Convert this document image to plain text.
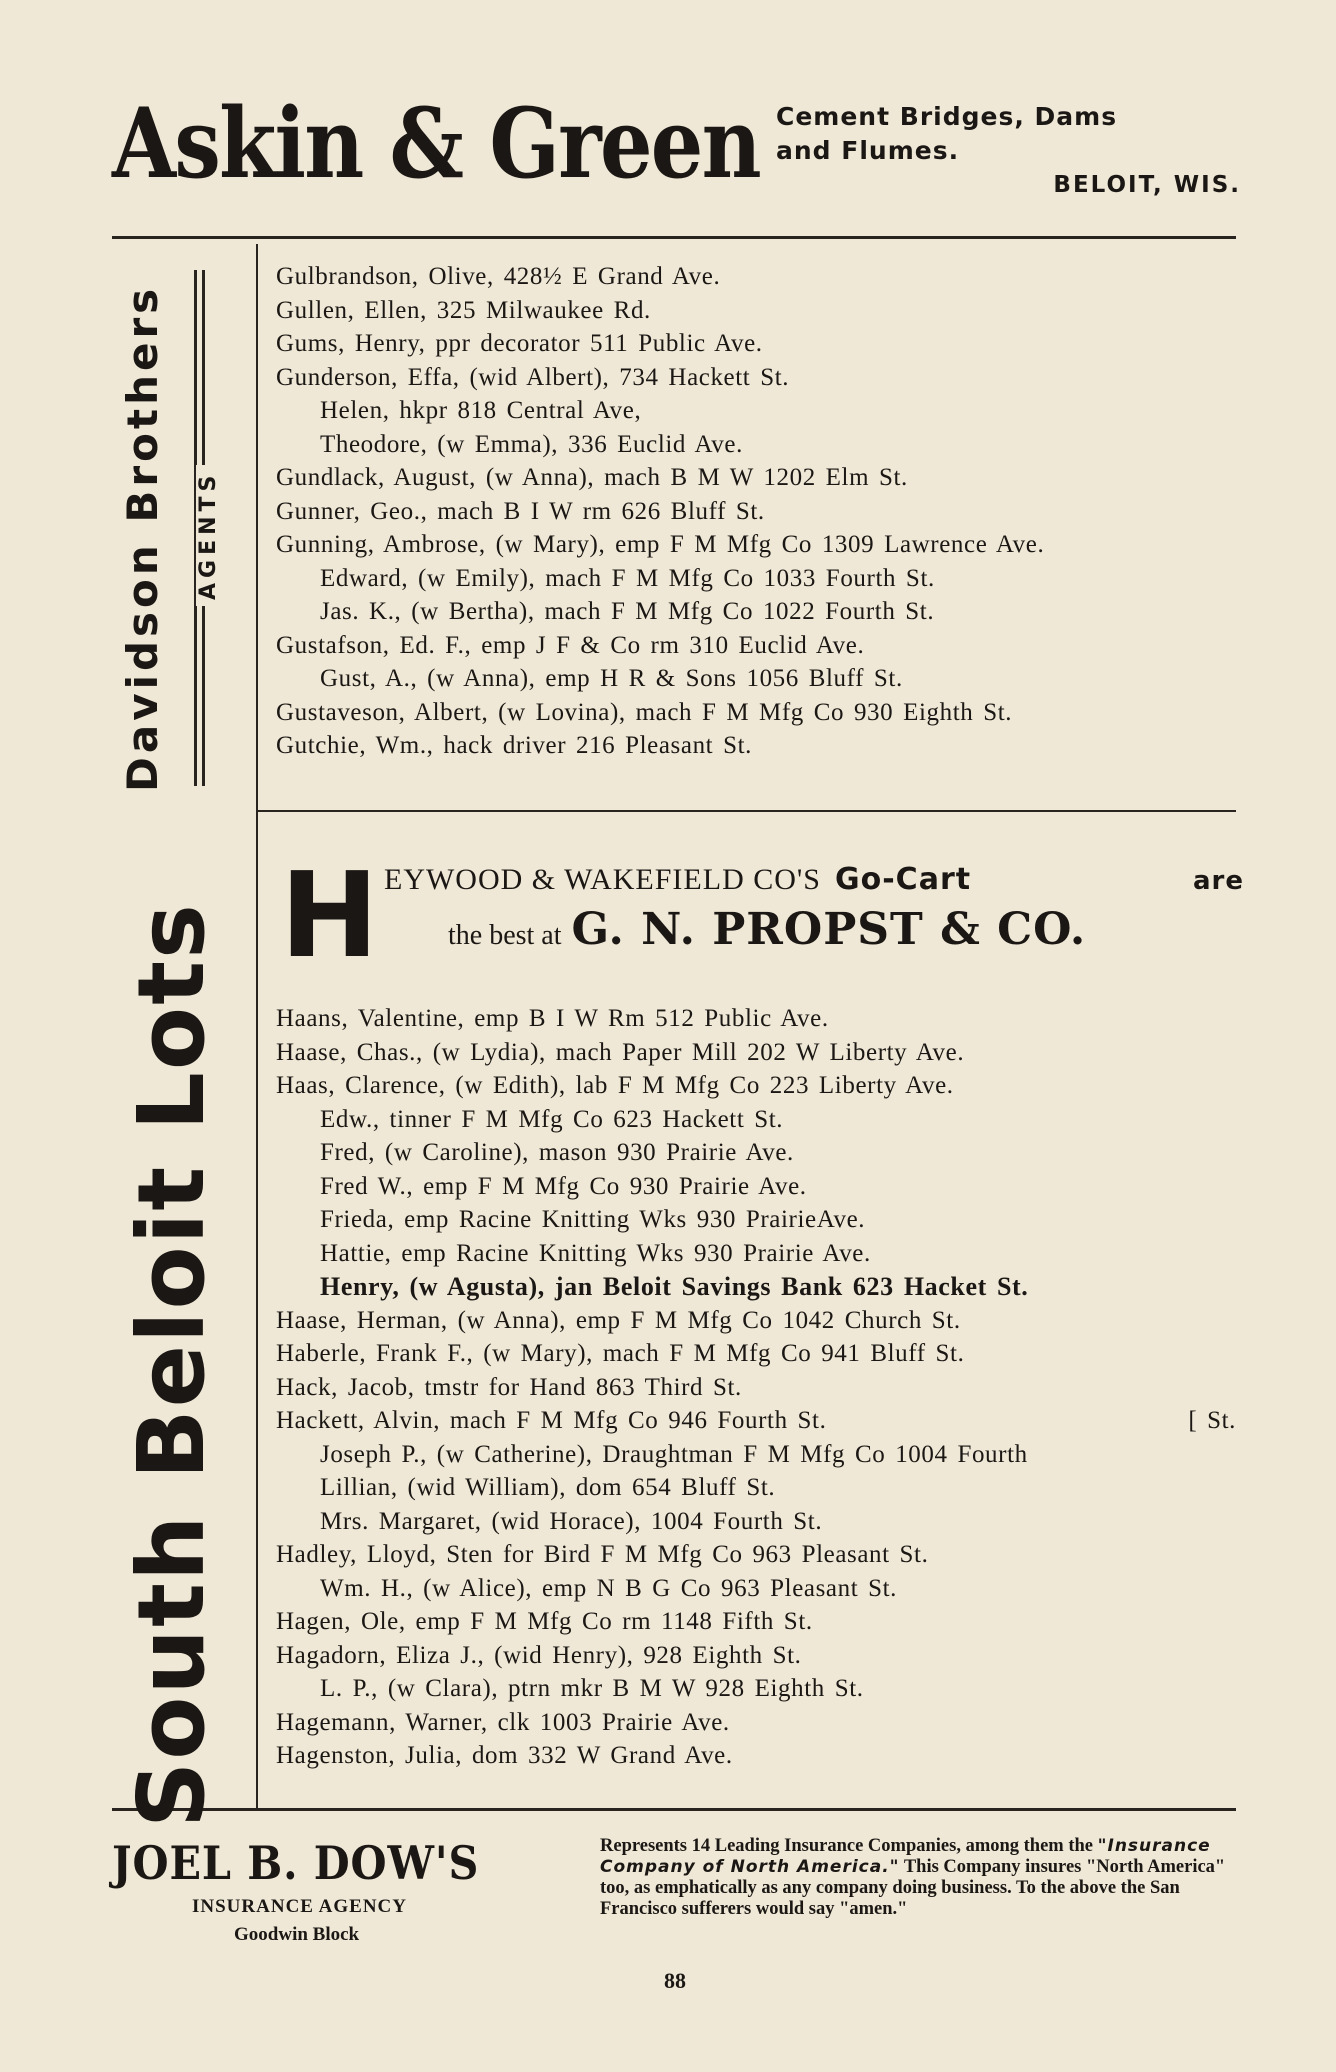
Askin & Green Cement Bridges, Dams
and Flumes.
BELOIT, WIS.
Davidson Brothers AGENTS
South Beloit Lots
Gulbrandson, Olive, 428½ E Grand Ave.
Gullen, Ellen, 325 Milwaukee Rd.
Gums, Henry, ppr decorator 511 Public Ave.
Gunderson, Effa, (wid Albert), 734 Hackett St.
Helen, hkpr 818 Central Ave,
Theodore, (w Emma), 336 Euclid Ave.
Gundlack, August, (w Anna), mach B M W 1202 Elm St.
Gunner, Geo., mach B I W rm 626 Bluff St.
Gunning, Ambrose, (w Mary), emp F M Mfg Co 1309 Lawrence Ave.
Edward, (w Emily), mach F M Mfg Co 1033 Fourth St.
Jas. K., (w Bertha), mach F M Mfg Co 1022 Fourth St.
Gustafson, Ed. F., emp J F & Co rm 310 Euclid Ave.
Gust, A., (w Anna), emp H R & Sons 1056 Bluff St.
Gustaveson, Albert, (w Lovina), mach F M Mfg Co 930 Eighth St.
Gutchie, Wm., hack driver 216 Pleasant St.
H EYWOOD & WAKEFIELD CO'S Go-Cart	are
the best at G. N. PROPST & CO.
Haans, Valentine, emp B I W Rm 512 Public Ave.
Haase, Chas., (w Lydia), mach Paper Mill 202 W Liberty Ave.
Haas, Clarence, (w Edith), lab F M Mfg Co 223 Liberty Ave.
Edw., tinner F M Mfg Co 623 Hackett St.
Fred, (w Caroline), mason 930 Prairie Ave.
Fred W., emp F M Mfg Co 930 Prairie Ave.
Frieda, emp Racine Knitting Wks 930 PrairieAve.
Hattie, emp Racine Knitting Wks 930 Prairie Ave.
Henry, (w Agusta), jan Beloit Savings Bank 623 Hacket St.
Haase, Herman, (w Anna), emp F M Mfg Co 1042 Church St.
Haberle, Frank F., (w Mary), mach F M Mfg Co 941 Bluff St.
Hack, Jacob, tmstr for Hand 863 Third St.
Hackett, Alvin, mach F M Mfg Co 946 Fourth St.	[ St.
Joseph P., (w Catherine), Draughtman F M Mfg Co 1004 Fourth
Lillian, (wid William), dom 654 Bluff St.
Mrs. Margaret, (wid Horace), 1004 Fourth St.
Hadley, Lloyd, Sten for Bird F M Mfg Co 963 Pleasant St.
Wm. H., (w Alice), emp N B G Co 963 Pleasant St.
Hagen, Ole, emp F M Mfg Co rm 1148 Fifth St.
Hagadorn, Eliza J., (wid Henry), 928 Eighth St.
L. P., (w Clara), ptrn mkr B M W 928 Eighth St.
Hagemann, Warner, clk 1003 Prairie Ave.
Hagenston, Julia, dom 332 W Grand Ave.
JOEL B. DOW'S
INSURANCE AGENCY
Goodwin Block
Represents 14 Leading Insurance Companies, among them the "Insurance Company of North America." This Company insures "North America" too, as emphatically as any company doing business. To the above the San Francisco sufferers would say "amen."
88
